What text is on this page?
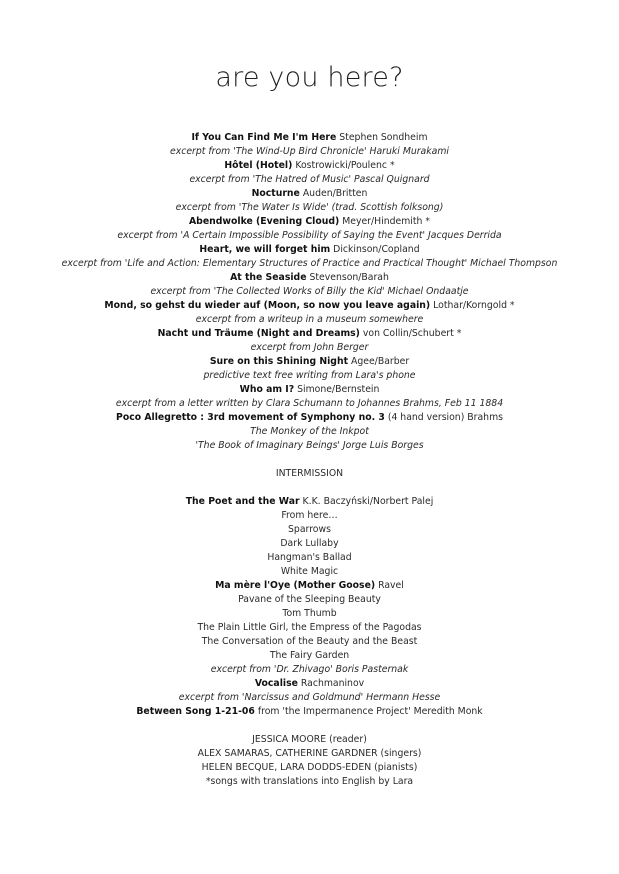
are you here?
If You Can Find Me I'm Here Stephen Sondheim
excerpt from 'The Wind-Up Bird Chronicle' Haruki Murakami
Hôtel (Hotel) Kostrowicki/Poulenc *
excerpt from 'The Hatred of Music' Pascal Quignard
Nocturne Auden/Britten
excerpt from 'The Water Is Wide' (trad. Scottish folksong)
Abendwolke (Evening Cloud) Meyer/Hindemith *
excerpt from 'A Certain Impossible Possibility of Saying the Event' Jacques Derrida
Heart, we will forget him Dickinson/Copland
excerpt from 'Life and Action: Elementary Structures of Practice and Practical Thought' Michael Thompson
At the Seaside Stevenson/Barah
excerpt from 'The Collected Works of Billy the Kid' Michael Ondaatje
Mond, so gehst du wieder auf (Moon, so now you leave again) Lothar/Korngold *
excerpt from a writeup in a museum somewhere
Nacht und Träume (Night and Dreams) von Collin/Schubert *
excerpt from John Berger
Sure on this Shining Night Agee/Barber
predictive text free writing from Lara's phone
Who am I? Simone/Bernstein
excerpt from a letter written by Clara Schumann to Johannes Brahms, Feb 11 1884
Poco Allegretto : 3rd movement of Symphony no. 3 (4 hand version) Brahms
The Monkey of the Inkpot
'The Book of Imaginary Beings' Jorge Luis Borges
INTERMISSION
The Poet and the War K.K. Baczyński/Norbert Palej
From here…
Sparrows
Dark Lullaby
Hangman's Ballad
White Magic
Ma mère l'Oye (Mother Goose) Ravel
Pavane of the Sleeping Beauty
Tom Thumb
The Plain Little Girl, the Empress of the Pagodas
The Conversation of the Beauty and the Beast
The Fairy Garden
excerpt from 'Dr. Zhivago' Boris Pasternak
Vocalise Rachmaninov
excerpt from 'Narcissus and Goldmund' Hermann Hesse
Between Song 1-21-06 from 'the Impermanence Project' Meredith Monk
JESSICA MOORE (reader)
ALEX SAMARAS, CATHERINE GARDNER (singers)
HELEN BECQUE, LARA DODDS-EDEN (pianists)
*songs with translations into English by Lara
